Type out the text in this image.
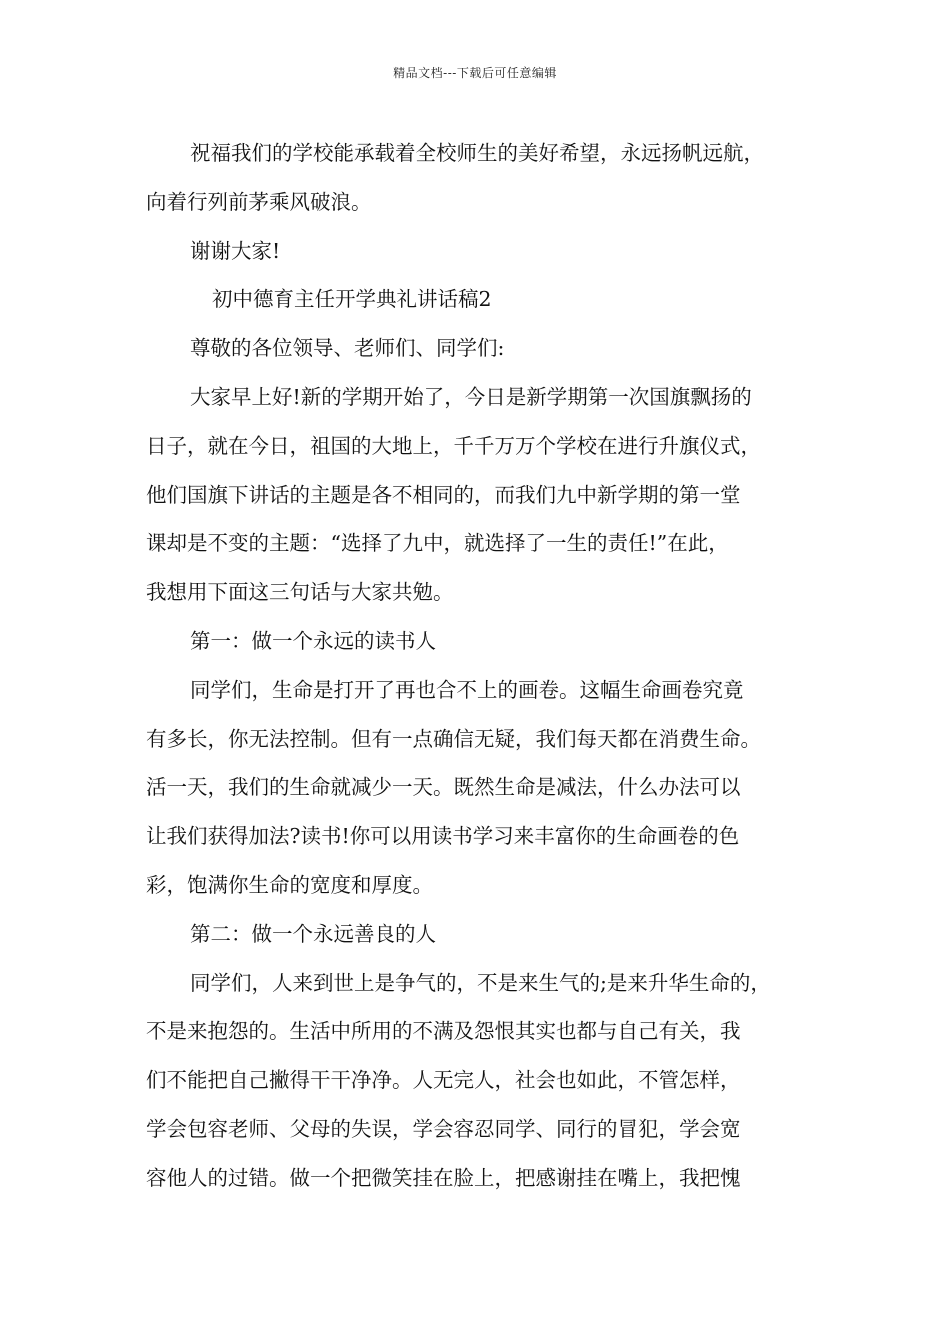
精品文档---下载后可任意编辑
祝福我们的学校能承载着全校师生的美好希望，永远扬帆远航，
向着行列前茅乘风破浪。
谢谢大家!
初中德育主任开学典礼讲话稿2
尊敬的各位领导、老师们、同学们:
大家早上好!新的学期开始了，今日是新学期第一次国旗飘扬的
日子，就在今日，祖国的大地上，千千万万个学校在进行升旗仪式，
他们国旗下讲话的主题是各不相同的，而我们九中新学期的第一堂
课却是不变的主题：“选择了九中，就选择了一生的责任!”在此，
我想用下面这三句话与大家共勉。
第一：做一个永远的读书人
同学们，生命是打开了再也合不上的画卷。这幅生命画卷究竟
有多长，你无法控制。但有一点确信无疑，我们每天都在消费生命。
活一天，我们的生命就减少一天。既然生命是减法，什么办法可以
让我们获得加法?读书!你可以用读书学习来丰富你的生命画卷的色
彩，饱满你生命的宽度和厚度。
第二：做一个永远善良的人
同学们，人来到世上是争气的，不是来生气的;是来升华生命的，
不是来抱怨的。生活中所用的不满及怨恨其实也都与自己有关，我
们不能把自己撇得干干净净。人无完人，社会也如此，不管怎样，
学会包容老师、父母的失误，学会容忍同学、同行的冒犯，学会宽
容他人的过错。做一个把微笑挂在脸上，把感谢挂在嘴上，我把愧
